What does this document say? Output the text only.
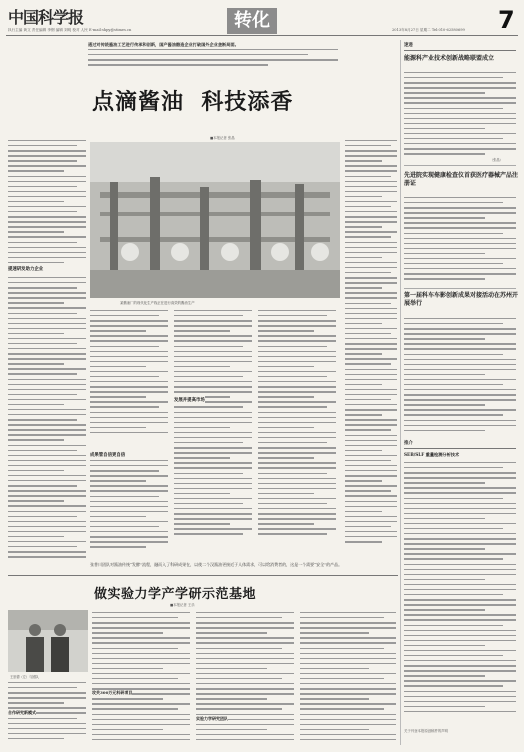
中国科学报
执行主编 黄文 责任编辑 李钢 编辑 刘明 校对 人民 E-mail:shpy@stimes.cn	转化	2013年8月27日 星期二 Tel:010-62580699 7
通过对传统酱油工艺进行传承和创新，国产酱油酿造企业打破国外企业垄断局面。
点滴酱油  科技添香
■本报记者 张晶
提速研发助力企业
某酱油厂的现代化生产线正在进行高效的酱油生产
成果管自信更自信
发展并提高市场
张普川团队对酱油传统“发酵”流程，融而入了科研成果在，以使二个汉酱油更接近于人体需求，可以给消费者的，这是一个需要“安全”的产品。
速递
能源科产业技术创新战略联盟成立
（张晶）
先进院实现健康检查仪首获医疗器械产品注册证
第一届科车车影创新成果对接活动在苏州开展举行
推介
SEB/SLF 重量检测分析技术
关于刊登本报原创稿件的声明
做实验力学产学研示范基地
■本报记者 王乐
王崇德（左）与团队
合作研究新模式
攻关300万元科研项目
实验力学研究团队
